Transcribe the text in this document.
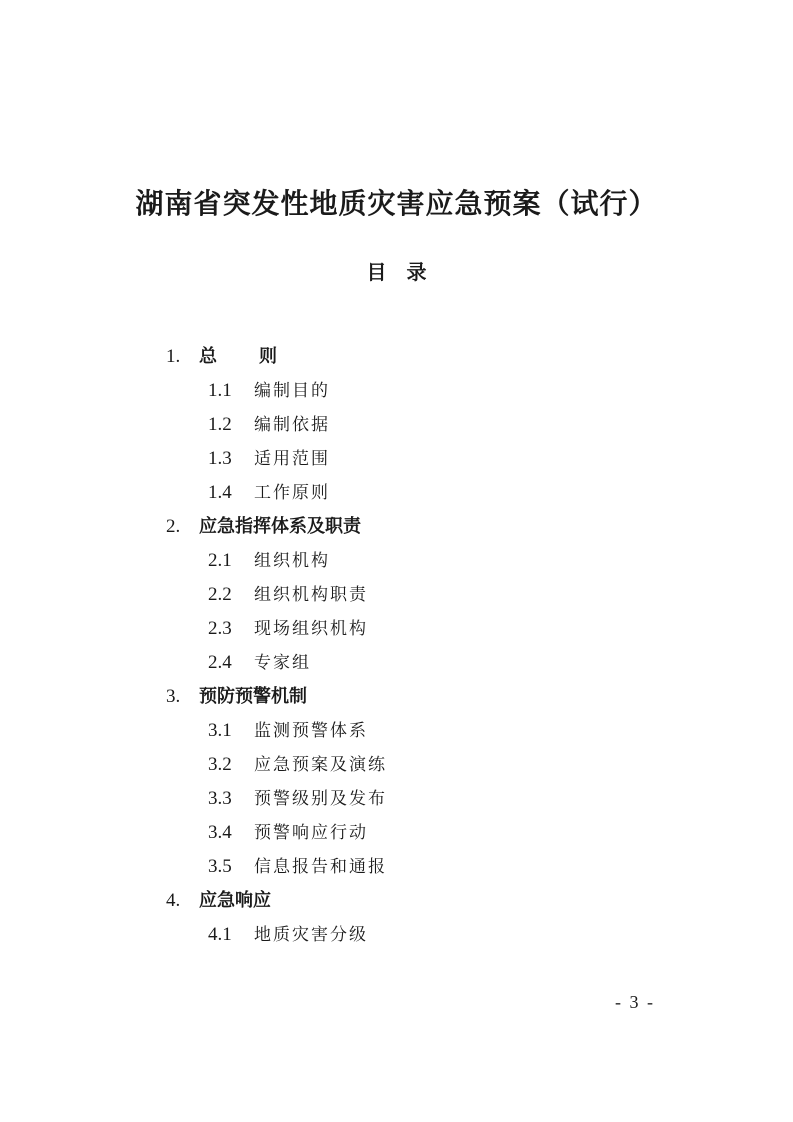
湖南省突发性地质灾害应急预案（试行）
目 录
1. 总　则
1.1 编制目的
1.2 编制依据
1.3 适用范围
1.4 工作原则
2. 应急指挥体系及职责
2.1 组织机构
2.2 组织机构职责
2.3 现场组织机构
2.4 专家组
3. 预防预警机制
3.1 监测预警体系
3.2 应急预案及演练
3.3 预警级别及发布
3.4 预警响应行动
3.5 信息报告和通报
4. 应急响应
4.1 地质灾害分级
- 3 -
